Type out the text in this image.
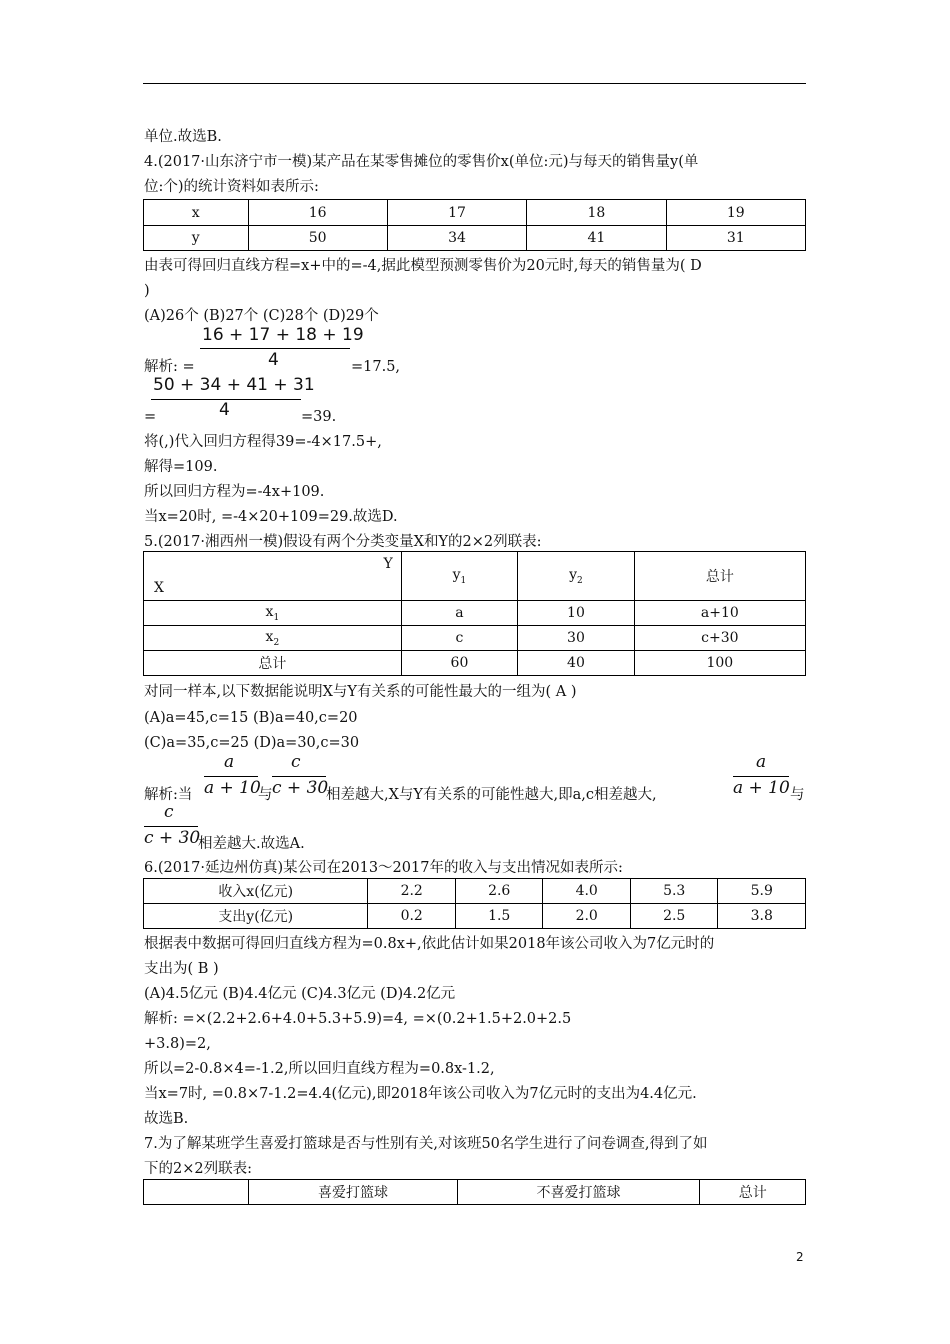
单位.故选B.
4.(2017·山东济宁市一模)某产品在某零售摊位的零售价x(单位:元)与每天的销售量y(单
位:个)的统计资料如表所示:
x	16	17	18	19
y	50	34	41	31
由表可得回归直线方程=x+中的=-4,据此模型预测零售价为20元时,每天的销售量为( D
)
(A)26个 (B)27个 (C)28个 (D)29个
16 + 17 + 18 + 19
4
解析: =	=17.5,
50 + 34 + 41 + 31
4
=	=39.
将(,)代入回归方程得39=-4×17.5+,
解得=109.
所以回归方程为=-4x+109.
当x=20时, =-4×20+109=29.故选D.
5.(2017·湘西州一模)假设有两个分类变量X和Y的2×2列联表:
Y
X	$y_1$	$y_2$	总计
$x_1$	a	10	a+10
$x_2$	c	30	c+30
总计	60	40	100
对同一样本,以下数据能说明X与Y有关系的可能性最大的一组为( A )
(A)a=45,c=15 (B)a=40,c=20
(C)a=35,c=25 (D)a=30,c=30
a
a + 10
c
c + 30
a
a + 10
解析:当	与	相差越大,X与Y有关系的可能性越大,即a,c相差越大,	与
c
c + 30
相差越大.故选A.
6.(2017·延边州仿真)某公司在2013～2017年的收入与支出情况如表所示:
收入x(亿元)	2.2	2.6	4.0	5.3	5.9
支出y(亿元)	0.2	1.5	2.0	2.5	3.8
根据表中数据可得回归直线方程为=0.8x+,依此估计如果2018年该公司收入为7亿元时的
支出为( B )
(A)4.5亿元 (B)4.4亿元 (C)4.3亿元 (D)4.2亿元
解析: =×(2.2+2.6+4.0+5.3+5.9)=4, =×(0.2+1.5+2.0+2.5
+3.8)=2,
所以=2-0.8×4=-1.2,所以回归直线方程为=0.8x-1.2,
当x=7时, =0.8×7-1.2=4.4(亿元),即2018年该公司收入为7亿元时的支出为4.4亿元.
故选B.
7.为了解某班学生喜爱打篮球是否与性别有关,对该班50名学生进行了问卷调查,得到了如
下的2×2列联表:
	喜爱打篮球	不喜爱打篮球	总计
2
